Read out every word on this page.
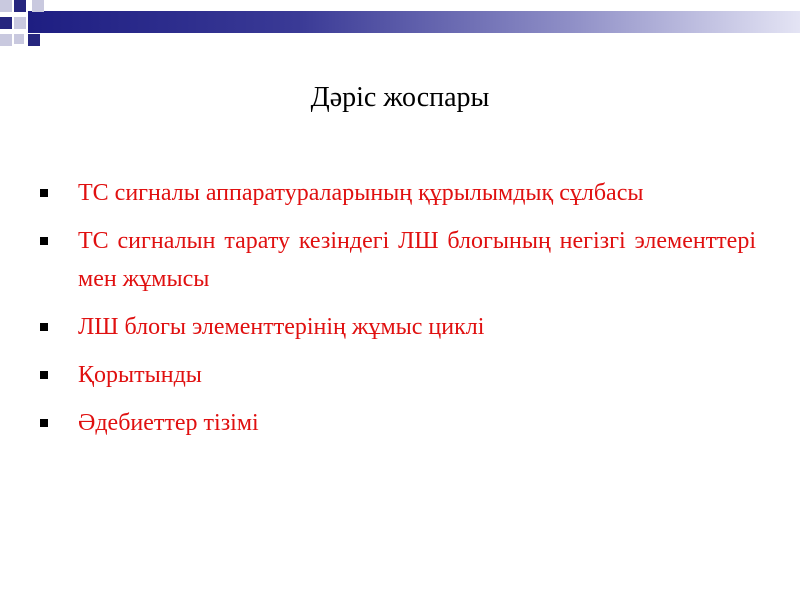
Дәріс жоспары
ТС сигналы аппаратураларының құрылымдық сұлбасы
ТС сигналын тарату кезіндегі ЛШ блогының негізгі элементтері мен жұмысы
ЛШ блогы элементтерінің жұмыс циклі
Қорытынды
Әдебиеттер тізімі
